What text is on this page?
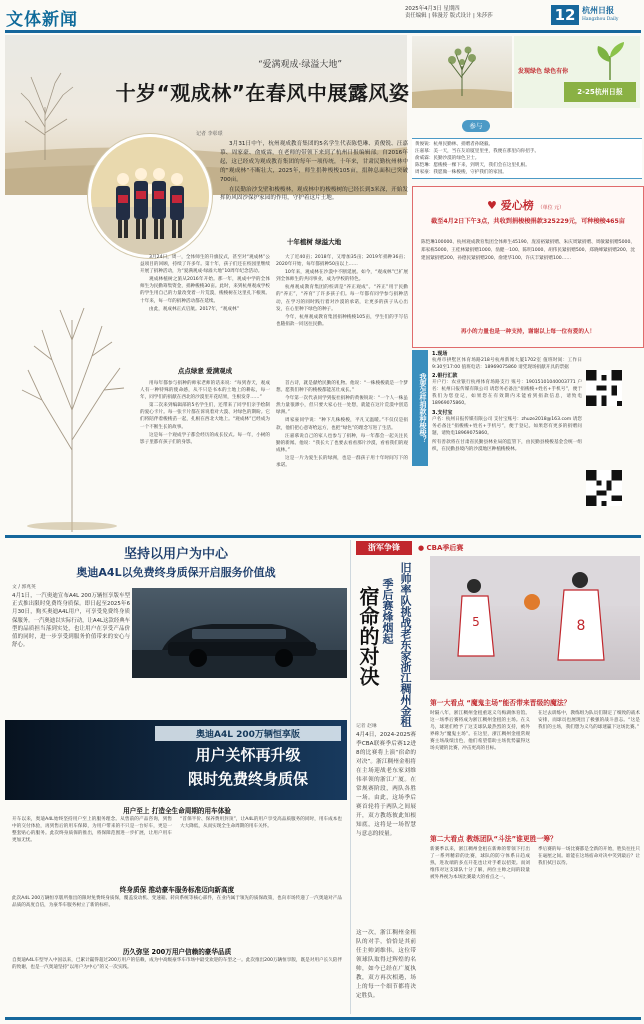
文体新闻
2025年4月3日 星期四
责任编辑 | 韩漫芳 版式设计 | 朱莎莎	12 杭州日报
Hangzhou Daily
“爱满观成·绿溢大地”
十岁“观成林”在春风中展露风姿
记者 李彰璟

3月31日中午，杭州观成教育集团的5名学生代表陈恺琳、黄俊锐、汪嘉慕、周家豪、俞威霖，在老师的带领下来到了杭州日报编辑部。自2016年起，这已经成为观成教育集团的每年一项传统，十年来，甘肃民勤杭州林中的“观成林”不断壮大，2025年，师生捐种梭梭105亩，捐种总面积已突破700亩。

在民勤治沙戈壁和梭梭林，观成林中的梭梭树的已经长到3米深，开始发挥防风固沙保护家园的作用，守护着这片土地。

十年植树 绿溢大地

3月24日，周一，全体师生的升旗仪式，甚至对“观成林”公益项目的回顾，持续了许多年。第十年，孩子们还在校园里继续开展了捐种活动，为“爱满观成·绿溢大地”10周年纪念活动。

观成林植树之旅从2016年开始。那一年，观成中学的全体师生为民勤筹集资金，捐种梭梭30亩。此时，来到杭州观成学校的学生用自己的力量改变着一片荒漠，梭梭树在这里扎下根须。十年来，每一年的捐种活动都在延续。

由此，观成林正式启航。2017年，“观成林”

大了近40亩；2018年，又增加35亩；2019年捐种36亩；2020年开始，每年都捐种50亩以上……

10年来，观成林在沙漠中不断延展。如今，“观成林”已扩展到全体师生的共同事业，成为学校的特色。

杭州观成教育集团的校训是“养正观成”。“养正”用于民勤的“养正”，“养育”了许多孩子们。每一年都有同学参与捐种活动，在学习的同时践行着对沙漠的承诺，让更多的孩子从心出发，在心里种下绿色的种子。

今年，杭州观成教育集团捐种梭梭105亩，学生们的手写信也随捐款一同送往民勤。

点点绿意 爱满观成

用每年都参与捐种的师家老师的话来说：“每到春天，观成人有一种特殊的使命感，从不只是书本的土地上的耕耘，每一年，同学们的捐献在西北的沙漠里开花结果，生根发芽……”

第二次来到编辑部的5名学生们，还带来了同学们亲手绘制的爱心卡片。每一张卡片都在诉说着对大漠、对绿色的期盼。它们将陪伴着梭梭苗一起，扎根在西北大地上。“观成林”已经成为一个不断生长的故事。

这是每一个观成学子都会经历的成长仪式。每一年，小树的影子里都有孩子们的身影。

首古诗，就是献给民勤的礼物。他说：“一株梭梭就是一个梦想。愿我们种下的梭梭都能茁壮成长。”

今年第一次代表同学到报社捐种的黄俊锐说：“一个人一株虽然力量很渺小，但只要大家心往一处想，就能在这片荒漠中创造绿洲。”

周家豪同学说：“种下几株梭梭，平凡又温暖。”不仅仅是捐款，他们把心意寄给远方，也把“绿色”的理念写进了生活。

汪嘉慕说自己的家人也参与了捐种，每一年都会一起关注民勤的新闻。他说：“我长大了也要去看看那片沙漠，看看我们的观成林。”

这是一片为爱生长的绿洲，也是一群孩子用十年时间写下的承诺。

发现绿色 绿色有你
2-25杭州日报
参与
黄俊锐：杭州民勤林、捐赠者孙晓毅。
汪嘉慕：美一天，当在友谊厦里里坐，我便在那里向你招手。
俞威霖：民勤沙漠的绿色卫士。
陈恺琳：愿梭梭一棵下来，到明天，我们会在这里扎根。
周家豪：我愿做一株梭梭，守护我们的家园。
♥ 爱心榜 （单位 元）
截至4月2日下午3点，共收到捐梭梭捐款325229元，可种梭梭465亩
陈恺琳100000、杭州观成教育集团全体师生45190、庞富裕紧捐赠、朱庆周紧捐赠、周敏紧捐赠5000、郑家栋5000、王桂林紧捐赠1000、翁健一100、陈明1000、胡伟民紧捐赠500、郑晓峰紧捐赠200、沈建国紧捐赠200、孙德民紧捐赠200、俞建华100、许庆丰紧捐赠100……
再小的力量也是一种支持，谢谢以上每一位有爱的人！
我要怎样捐款种梭梭？
1.现场
杭州市拱墅区体育场路218号杭州新闻大厦1702室 值班时间：工作日9:30至17:00 值班电话：18969075860 请凭现场捐献开具的票据
2.银行汇款
开户行：农业银行杭州体育场路支行 账号：19015101040003771 户名：杭州日报传媒有限公司 请您务必备注“捐梭梭+姓名+手机号”，便于我们为您登记，如果您在有效期内未能看到捐款信息，请致电18969075860。
3.支付宝
户名：杭州日报传媒有限公司 支付宝账号：zhuze2018@163.com 请您务必备注“捐梭梭+姓名+手机号”，便于登记。如果您有更多的捐赠问题，请致电18969075860。
所有善款将在甘肃省民勤县林业局的监管下，由民勤县梭梭基金会统一组织，在民勤县境内的沙漠地区种植梭梭林。
坚持以用户为中心
奥迪A4L以免费终身质保开启服务价值战
文 / 郭兆英
4月1日，一汽奥迪宣布A4L 200万辆恒享版车型正式推出限时免费终身质保。即日起至2025年6月30日，购买奥迪A4L用户，可享受免费终身质保服务。一汽奥迪以实际行动，让A4L这款经典车型的品质担当落到实处，也让用户在享受产品价值的同时，进一步享受到服务价值带来的安心与舒心。
奥迪A4L 200万辆恒享版
用户关怀再升级
限时免费终身质保
用户至上 打造全生命周期的用车体验
开车以来，奥迪A4L始终坚持用户至上的服务理念。从售前的产品咨询，到售中的交付体验，再到售后的用车保障，为用户带来的不只是一台好车，更是一整套贴心的服务。此次终身质保的推出，将保障范围进一步扩展，让用户用车更加无忧。
“首保半价、保养费用封顶”，让A4L的用户享受高品质服务的同时，用车成本也大大降低，从而实现全生命周期的用车关怀。
终身质保 推动豪车服务标准迈向新高度
此次A4L 200万辆恒享版所推出的限时免费终身质保，覆盖发动机、变速箱、转向系统等核心部件，在业内属于领先的质保政策，也向市场传递了一汽奥迪对产品品质的高度自信，为豪华车服务树立了新的标杆。
历久弥坚 200万用户信赖的豪华品质
自奥迪A4L车型导入中国以来，已累计赢得超过200万用户的信赖，成为中高级豪华车市场中最受欢迎的车型之一。此次推出200万辆恒享版，既是对用户长久陪伴的致谢，也是一汽奥迪坚持“以用户为中心”的又一次实践。
浙军争锋	● CBA季后赛
旧帅率队挑战老东家浙江稠州金租
季后赛烽烟起
宿命的对决
记者 赵琳
4月4日，2024-2025赛季CBA联赛季后赛12进8的比赛将上演“宿命的对决”。浙江稠州金租将在主场迎战老东家刘维伟率领的浙江广厦。在常规赛阶段，两队各胜一场。由此，这场季后赛首轮将于两队之间展开，双方教练彼此知根知底，这将是一场智慧与意志的较量。
这一次，浙江稠州金租队的对手，恰恰是其前任主帅刘维伟。这位带领球队取得过辉煌的名帅，如今已经在广厦执教，双方再次相遇，场上的每一个细节都将决定胜负。
5	8
第一大看点 “魔鬼主场”能否带来晋级的魔法？
时隔八年，浙江稠州金租重返义乌梅湖体育馆。这一场季后赛将成为浙江稠州金租的主场。在义乌，球迷们给予了这支球队最热烈的支持，被外界称为“魔鬼主场”。在这里，浙江稠州金租常规赛主场战绩出色，他们希望借助主场优势赢得这场关键的比赛，冲击更高的目标。
在过去训练中，教练组为队员们制定了细致的战术安排，而球员也展现出了极强的战斗意志。“这是我们的主场，我们想为义乌的球迷赢下这场比赛。”
第二大看点 教练团队“斗法”谁更胜一筹？
新赛季以来，浙江稠州金租在新帅的带领下打出了一系列精彩的比赛，球队的防守体系日趋成熟，进攻端的多点开花也让对手难以招架。而刘维伟对这支球队十分了解，两位主帅之间的较量被外界视为本场比赛最大的看点之一。
季后赛的每一场比赛都是全新的开始，胜负往往只在毫厘之间。谁能在这场宿命对决中笑到最后？让我们拭目以待。
